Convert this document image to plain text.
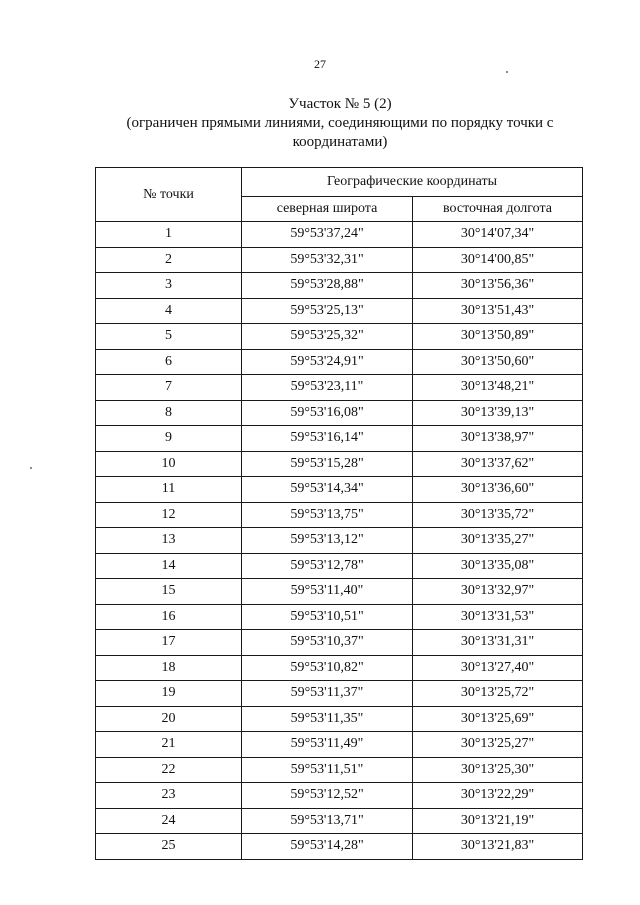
27
Участок № 5 (2)
(ограничен прямыми линиями, соединяющими по порядку точки с
координатами)
№ точки	Географические координаты	
	северная широта	восточная долгота
1	59°53'37,24"	30°14'07,34"
2	59°53'32,31"	30°14'00,85"
3	59°53'28,88"	30°13'56,36"
4	59°53'25,13"	30°13'51,43"
5	59°53'25,32"	30°13'50,89"
6	59°53'24,91"	30°13'50,60"
7	59°53'23,11"	30°13'48,21"
8	59°53'16,08"	30°13'39,13"
9	59°53'16,14"	30°13'38,97"
10	59°53'15,28"	30°13'37,62"
11	59°53'14,34"	30°13'36,60"
12	59°53'13,75"	30°13'35,72"
13	59°53'13,12"	30°13'35,27"
14	59°53'12,78"	30°13'35,08"
15	59°53'11,40"	30°13'32,97"
16	59°53'10,51"	30°13'31,53"
17	59°53'10,37"	30°13'31,31"
18	59°53'10,82"	30°13'27,40"
19	59°53'11,37"	30°13'25,72"
20	59°53'11,35"	30°13'25,69"
21	59°53'11,49"	30°13'25,27"
22	59°53'11,51"	30°13'25,30"
23	59°53'12,52"	30°13'22,29"
24	59°53'13,71"	30°13'21,19"
25	59°53'14,28"	30°13'21,83"
